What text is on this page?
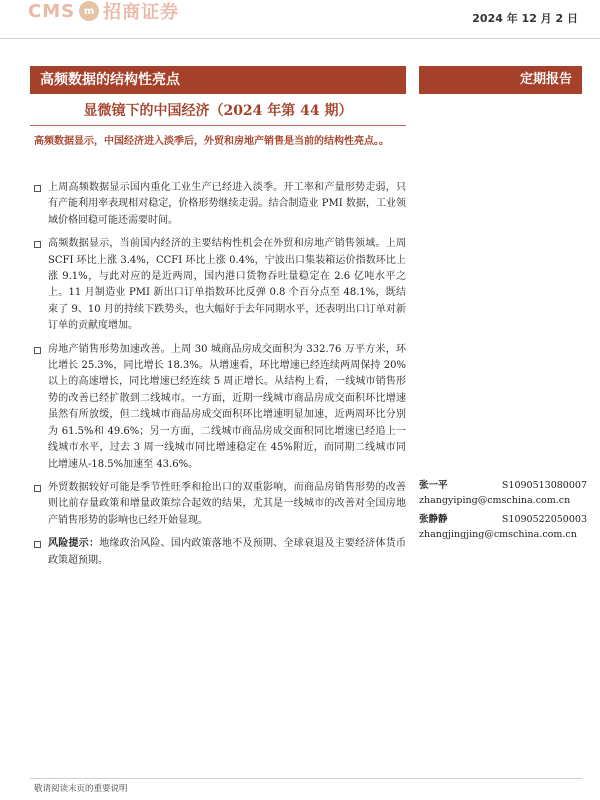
CMS m 招商证券	2024 年 12 月 2 日
高频数据的结构性亮点	定期报告
显微镜下的中国经济（2024 年第 44 期）
高频数据显示，中国经济进入淡季后，外贸和房地产销售是当前的结构性亮点。。
上周高频数据显示国内重化工业生产已经进入淡季。开工率和产量形势走弱，只有产能利用率表现相对稳定，价格形势继续走弱。结合制造业 PMI 数据，工业领域价格回稳可能还需要时间。
高频数据显示，当前国内经济的主要结构性机会在外贸和房地产销售领域。上周 SCFI 环比上涨 3.4%，CCFI 环比上涨 0.4%，宁波出口集装箱运价指数环比上涨 9.1%，与此对应的是近两周，国内港口货物吞吐量稳定在 2.6 亿吨水平之上。11 月制造业 PMI 新出口订单指数环比反弹 0.8 个百分点至 48.1%，既结束了 9、10 月的持续下跌势头，也大幅好于去年同期水平，还表明出口订单对新订单的贡献度增加。
房地产销售形势加速改善。上周 30 城商品房成交面积为 332.76 万平方米，环比增长 25.3%，同比增长 18.3%。从增速看，环比增速已经连续两周保持 20%以上的高速增长，同比增速已经连续 5 周正增长。从结构上看，一线城市销售形势的改善已经扩散到二线城市。一方面，近期一线城市商品房成交面积环比增速虽然有所放缓，但二线城市商品房成交面积环比增速明显加速，近两周环比分别为 61.5%和 49.6%；另一方面，二线城市商品房成交面积同比增速已经追上一线城市水平，过去 3 周一线城市同比增速稳定在 45%附近，而同期二线城市同比增速从-18.5%加速至 43.6%。
外贸数据较好可能是季节性旺季和抢出口的双重影响，而商品房销售形势的改善则比前存量政策和增量政策综合起效的结果，尤其是一线城市的改善对全国房地产销售形势的影响也已经开始显现。
风险提示：地缘政治风险、国内政策落地不及预期、全球衰退及主要经济体货币政策超预期。
张一平	S1090513080007
zhangyiping@cmschina.com.cn
张静静	S1090522050003
zhangjingjing@cmschina.com.cn
敬请阅读末页的重要说明
